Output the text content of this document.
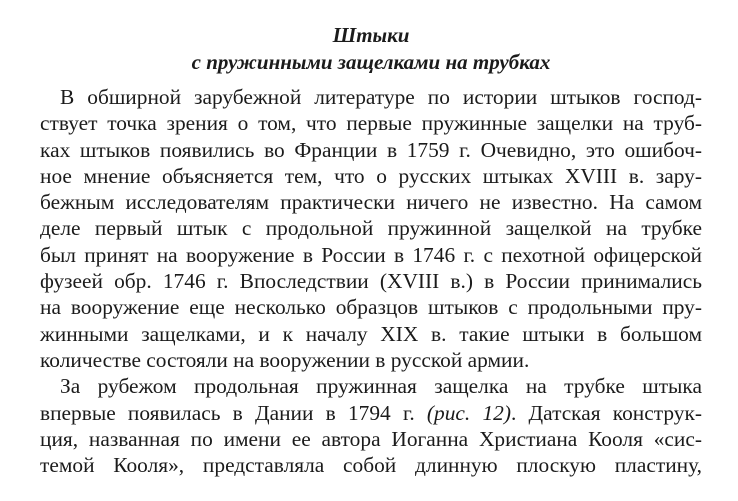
Штыки
с пружинными защелками на трубках

В обширной зарубежной литературе по истории штыков господ-
ствует точка зрения о том, что первые пружинные защелки на труб-
ках штыков появились во Франции в 1759 г. Очевидно, это ошибоч-
ное мнение объясняется тем, что о русских штыках XVIII в. зару-
бежным исследователям практически ничего не известно. На самом
деле первый штык с продольной пружинной защелкой на трубке
был принят на вооружение в России в 1746 г. с пехотной офицерской
фузеей обр. 1746 г. Впоследствии (XVIII в.) в России принимались
на вооружение еще несколько образцов штыков с продольными пру-
жинными защелками, и к началу XIX в. такие штыки в большом
количестве состояли на вооружении в русской армии.

За рубежом продольная пружинная защелка на трубке штыка
впервые появилась в Дании в 1794 г. (рис. 12). Датская конструк-
ция, названная по имени ее автора Иоганна Христиана Кооля «сис-
темой Кооля», представляла собой длинную плоскую пластину,
